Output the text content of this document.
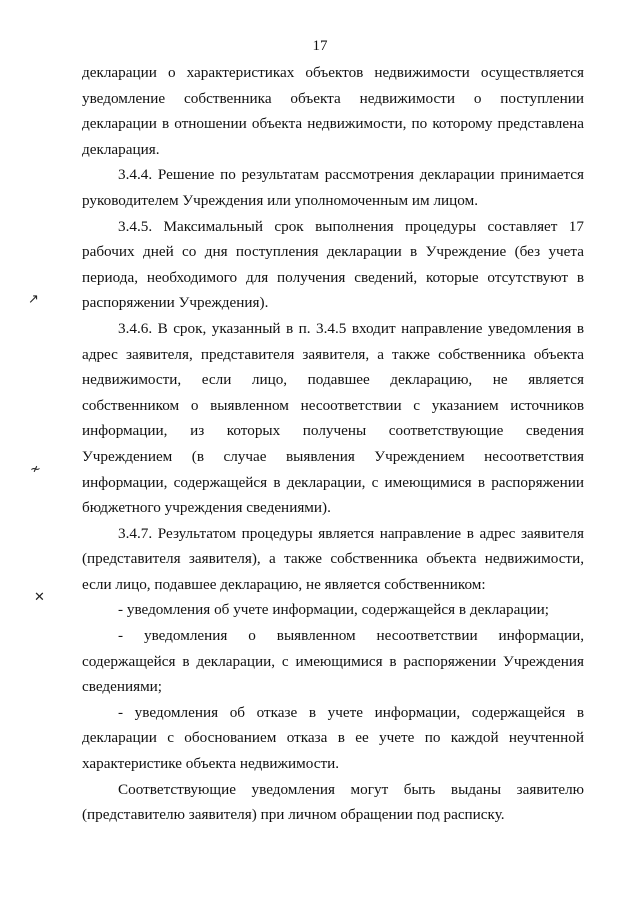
17

декларации о характеристиках объектов недвижимости осуществляется уведомление собственника объекта недвижимости о поступлении декларации в отношении объекта недвижимости, по которому представлена декларация.

3.4.4. Решение по результатам рассмотрения декларации принимается руководителем Учреждения или уполномоченным им лицом.

3.4.5. Максимальный срок выполнения процедуры составляет 17 рабочих дней со дня поступления декларации в Учреждение (без учета периода, необходимого для получения сведений, которые отсутствуют в распоряжении Учреждения).

3.4.6. В срок, указанный в п. 3.4.5 входит направление уведомления в адрес заявителя, представителя заявителя, а также собственника объекта недвижимости, если лицо, подавшее декларацию, не является собственником о выявленном несоответствии с указанием источников информации, из которых получены соответствующие сведения Учреждением (в случае выявления Учреждением несоответствия информации, содержащейся в декларации, с имеющимися в распоряжении бюджетного учреждения сведениями).

3.4.7. Результатом процедуры является направление в адрес заявителя (представителя заявителя), а также собственника объекта недвижимости, если лицо, подавшее декларацию, не является собственником:

- уведомления об учете информации, содержащейся в декларации;

- уведомления о выявленном несоответствии информации, содержащейся в декларации, с имеющимися в распоряжении Учреждения сведениями;

- уведомления об отказе в учете информации, содержащейся в декларации с обоснованием отказа в ее учете по каждой неучтенной характеристике объекта недвижимости.

Соответствующие уведомления могут быть выданы заявителю (представителю заявителя) при личном обращении под расписку.

↗
≁
✕
